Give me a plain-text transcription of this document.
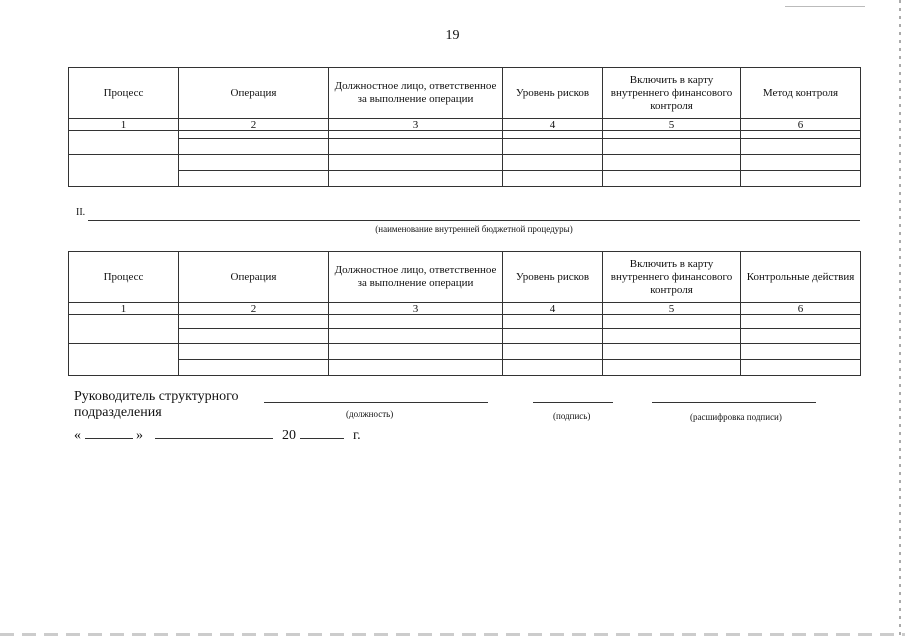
19
Процесс	Операция	Должностное лицо, ответственное за выполнение операции	Уровень рисков	Включить в карту внутреннего финансового контроля	Метод контроля
1	2	3	4	5	6

II.
(наименование внутренней бюджетной процедуры)
Процесс	Операция	Должностное лицо, ответственное за выполнение операции	Уровень рисков	Включить в карту внутреннего финансового контроля	Контрольные действия
1	2	3	4	5	6

Руководитель структурного
подразделения	(должность)	(подпись)	(расшифровка подписи)
«	»	20	г.
